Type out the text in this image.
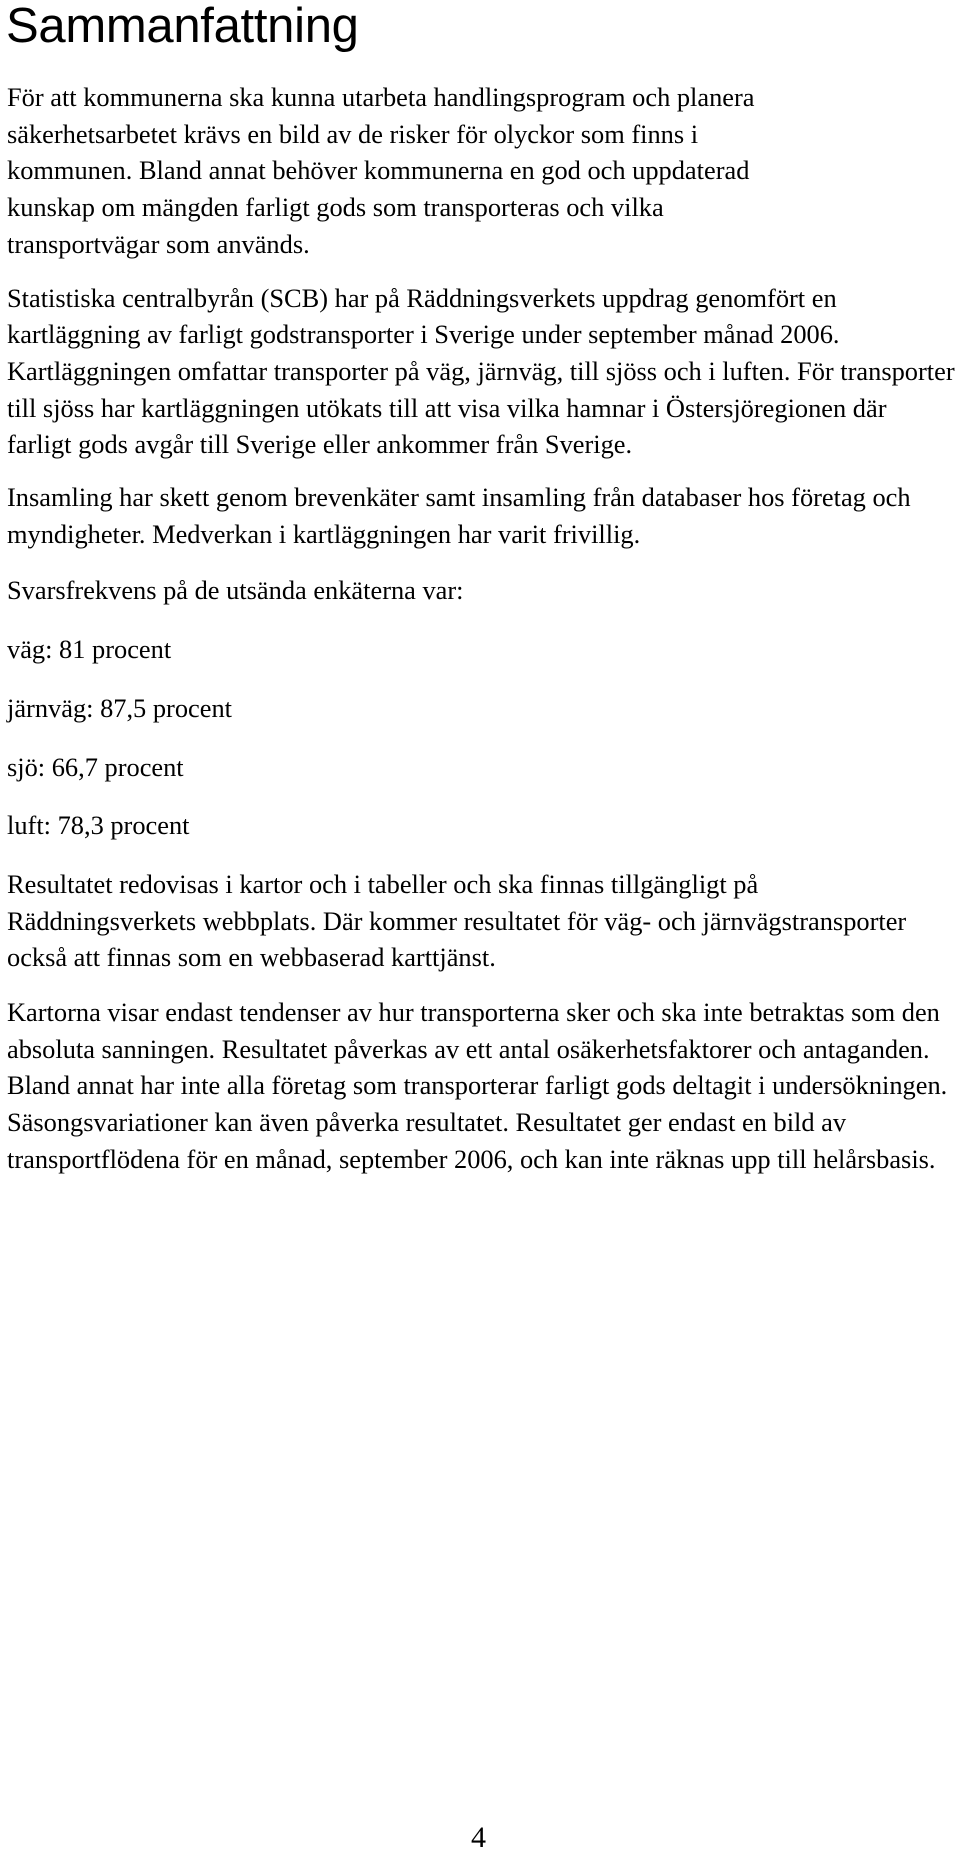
Sammanfattning

För att kommunerna ska kunna utarbeta handlingsprogram och planera säkerhetsarbetet krävs en bild av de risker för olyckor som finns i kommunen. Bland annat behöver kommunerna en god och uppdaterad kunskap om mängden farligt gods som transporteras och vilka transportvägar som används.

Statistiska centralbyrån (SCB) har på Räddningsverkets uppdrag genomfört en kartläggning av farligt godstransporter i Sverige under september månad 2006. Kartläggningen omfattar transporter på väg, järnväg, till sjöss och i luften. För transporter till sjöss har kartläggningen utökats till att visa vilka hamnar i Östersjöregionen där farligt gods avgår till Sverige eller ankommer från Sverige.

Insamling har skett genom brevenkäter samt insamling från databaser hos företag och myndigheter. Medverkan i kartläggningen har varit frivillig.

Svarsfrekvens på de utsända enkäterna var:

väg: 81 procent
järnväg: 87,5 procent
sjö: 66,7 procent
luft: 78,3 procent

Resultatet redovisas i kartor och i tabeller och ska finnas tillgängligt på Räddningsverkets webbplats. Där kommer resultatet för väg- och järnvägstransporter också att finnas som en webbaserad karttjänst.

Kartorna visar endast tendenser av hur transporterna sker och ska inte betraktas som den absoluta sanningen. Resultatet påverkas av ett antal osäkerhetsfaktorer och antaganden. Bland annat har inte alla företag som transporterar farligt gods deltagit i undersökningen. Säsongsvariationer kan även påverka resultatet. Resultatet ger endast en bild av transportflödena för en månad, september 2006, och kan inte räknas upp till helårsbasis.

4
